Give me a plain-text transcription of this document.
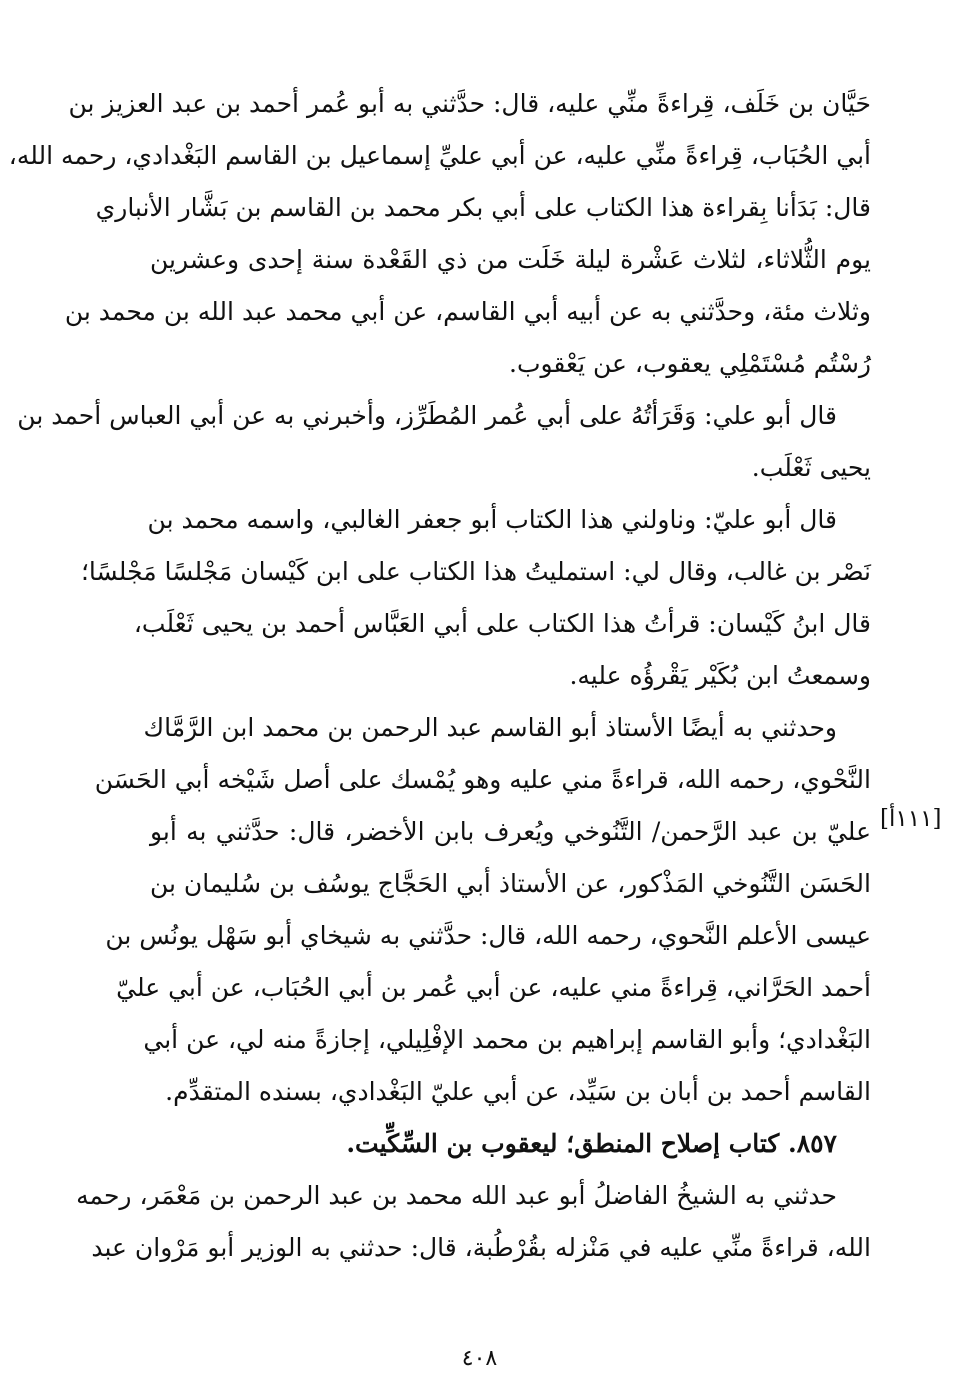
حَيَّان بن خَلَف، قِراءةً منِّي عليه، قال: حدَّثني به أبو عُمر أحمد بن عبد العزيز بن
أبي الحُبَاب، قِراءةً منِّي عليه، عن أبي عليِّ إسماعيل بن القاسم البَغْدادي، رحمه الله،
قال: بَدَأنا بِقراءة هذا الكتاب على أبي بكر محمد بن القاسم بن بَشَّار الأنباري
يوم الثُّلاثاء، لثلاث عَشْرة ليلة خَلَت من ذي القَعْدة سنة إحدى وعشرين
وثلاث مئة، وحدَّثني به عن أبيه أبي القاسم، عن أبي محمد عبد الله بن محمد بن
رُسْتُم مُسْتَمْلِي يعقوب، عن يَعْقوب.
قال أبو علي: وَقَرَأتُهُ على أبي عُمر المُطَرِّز، وأخبرني به عن أبي العباس أحمد بن
يحيى ثَعْلَب.
قال أبو عليّ: وناولني هذا الكتاب أبو جعفر الغالبي، واسمه محمد بن
نَصْر بن غالب، وقال لي: استمليتُ هذا الكتاب على ابن كَيْسان مَجْلسًا مَجْلسًا؛
قال ابنُ كَيْسان: قرأتُ هذا الكتاب على أبي العَبَّاس أحمد بن يحيى ثَعْلَب،
وسمعتُ ابن بُكَيْر يَقْرؤُه عليه.
وحدثني به أيضًا الأستاذ أبو القاسم عبد الرحمن بن محمد ابن الرَّمَّاك
النَّحْوي، رحمه الله، قراءةً مني عليه وهو يُمْسك على أصل شَيْخه أبي الحَسَن
عليّ بن عبد الرَّحمن/ التَّنُوخي ويُعرف بابن الأخضر، قال: حدَّثني به أبو
الحَسَن التَّنُوخي المَذْكور، عن الأستاذ أبي الحَجَّاج يوسُف بن سُليمان بن
عيسى الأعلم النَّحوي، رحمه الله، قال: حدَّثني به شيخاي أبو سَهْل يونُس بن
أحمد الحَرَّاني، قِراءةً مني عليه، عن أبي عُمر بن أبي الحُبَاب، عن أبي عليّ
البَغْدادي؛ وأبو القاسم إبراهيم بن محمد الإفْلِيلي، إجازةً منه لي، عن أبي
القاسم أحمد بن أبان بن سَيِّد، عن أبي عليّ البَغْدادي، بسنده المتقدِّم.
٨٥٧. كتاب إصلاح المنطق؛ ليعقوب بن السِّكِّيت.
حدثني به الشيخُ الفاضلُ أبو عبد الله محمد بن عبد الرحمن بن مَعْمَر، رحمه
الله، قراءةً منِّي عليه في مَنْزله بقُرْطُبة، قال: حدثني به الوزير أبو مَرْوان عبد
[١١١أ]
٤٠٨
